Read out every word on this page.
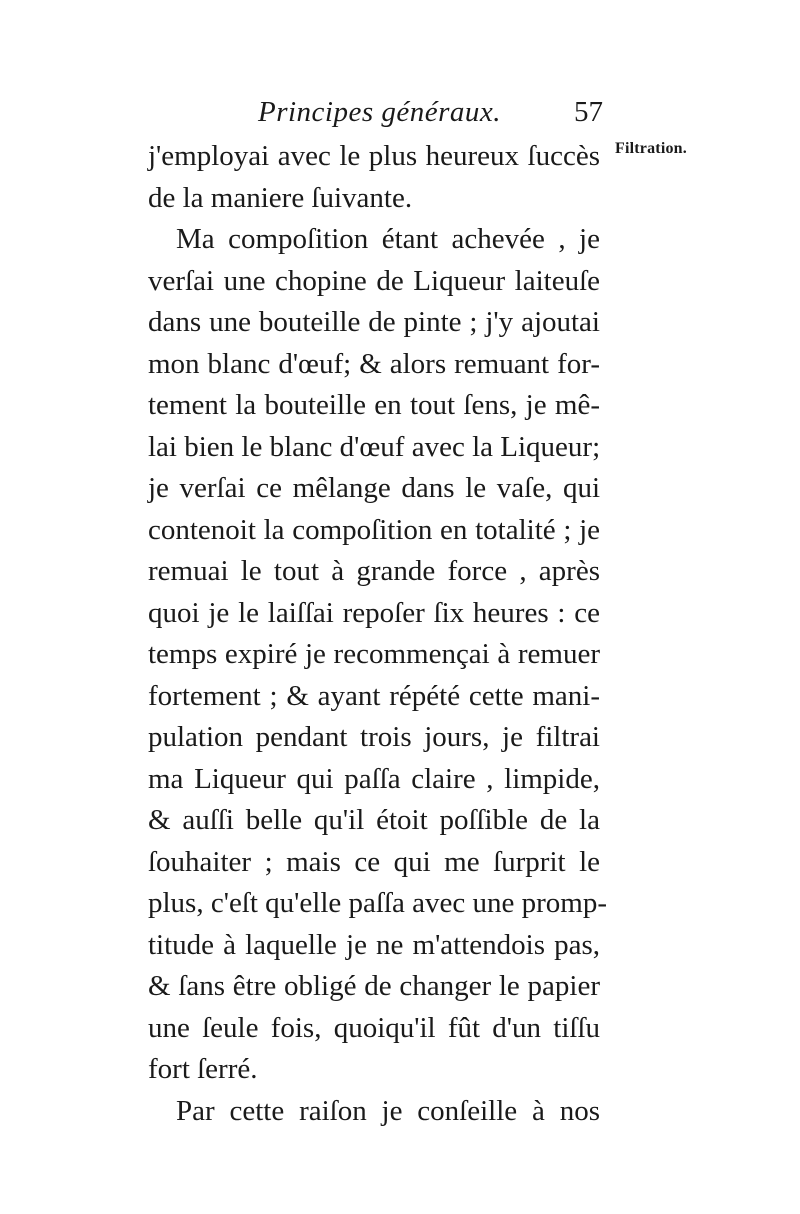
Principes généraux.	57
Filtration.
j'employai avec le plus heureux ſuccès
de la maniere ſuivante.
Ma compoſition étant achevée , je
verſai une chopine de Liqueur laiteuſe
dans une bouteille de pinte ; j'y ajoutai
mon blanc d'œuf; & alors remuant for-
tement la bouteille en tout ſens, je mê-
lai bien le blanc d'œuf avec la Liqueur;
je verſai ce mêlange dans le vaſe, qui
contenoit la compoſition en totalité ; je
remuai le tout à grande force , après
quoi je le laiſſai repoſer ſix heures : ce
temps expiré je recommençai à remuer
fortement ; & ayant répété cette mani-
pulation pendant trois jours, je filtrai
ma Liqueur qui paſſa claire , limpide,
& auſſi belle qu'il étoit poſſible de la
ſouhaiter ; mais ce qui me ſurprit le
plus, c'eſt qu'elle paſſa avec une promp-
titude à laquelle je ne m'attendois pas,
& ſans être obligé de changer le papier
une ſeule fois, quoiqu'il fût d'un tiſſu
fort ſerré.
Par cette raiſon je conſeille à nos
